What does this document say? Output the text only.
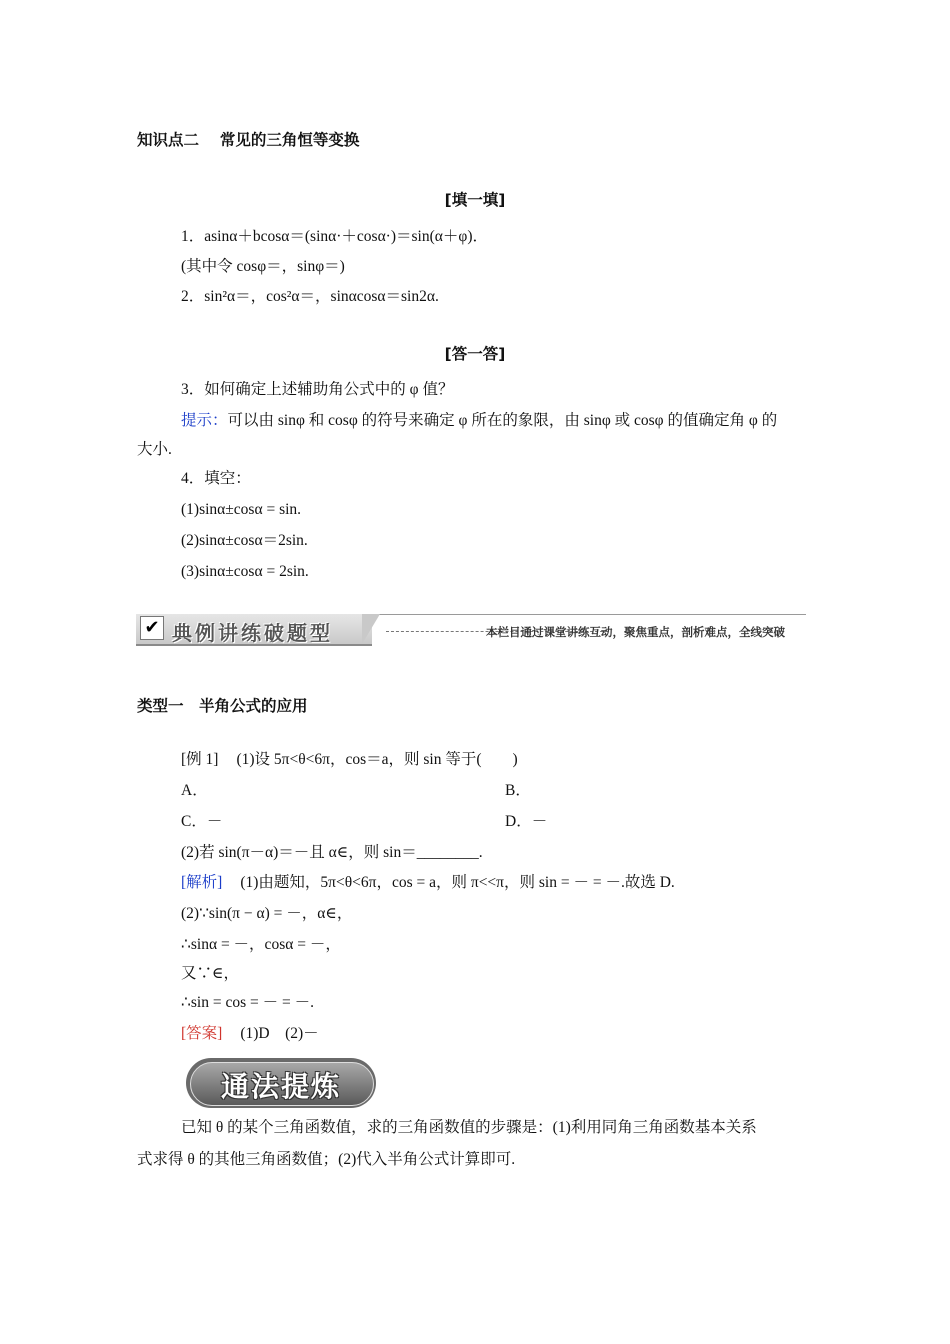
知识点二　 常见的三角恒等变换
[填一填]
1．asinα＋bcosα＝(sinα·＋cosα·)＝sin(α＋φ)．
(其中令 cosφ＝，sinφ＝)
2．sin²α＝，cos²α＝，sinαcosα＝sin2α.
[答一答]
3．如何确定上述辅助角公式中的 φ 值？
提示：可以由 sinφ 和 cosφ 的符号来确定 φ 所在的象限，由 sinφ 或 cosφ 的值确定角 φ 的
大小.
4．填空：
(1)sinα±cosα = sin.
(2)sinα±cosα＝2sin.
(3)sinα±cosα = 2sin.
✔ 典例讲练破题型	本栏目通过课堂讲练互动，聚焦重点，剖析难点，全线突破
类型一　半角公式的应用
[例 1] (1)设 5π<θ<6π，cos＝a，则 sin 等于(　　)
A．	B．
C．－	D．－
(2)若 sin(π－α)＝－且 α∈，则 sin＝________.
[解析] (1)由题知，5π<θ<6π，cos = a，则 π<<π，则 sin = － = －.故选 D.
(2)∵sin(π − α) = －，α∈，
∴sinα = －，cosα = －，
又∵∈，
∴sin = cos = － = －.
[答案] (1)D　(2)－
通法提炼
已知 θ 的某个三角函数值，求的三角函数值的步骤是：(1)利用同角三角函数基本关系
式求得 θ 的其他三角函数值；(2)代入半角公式计算即可.
